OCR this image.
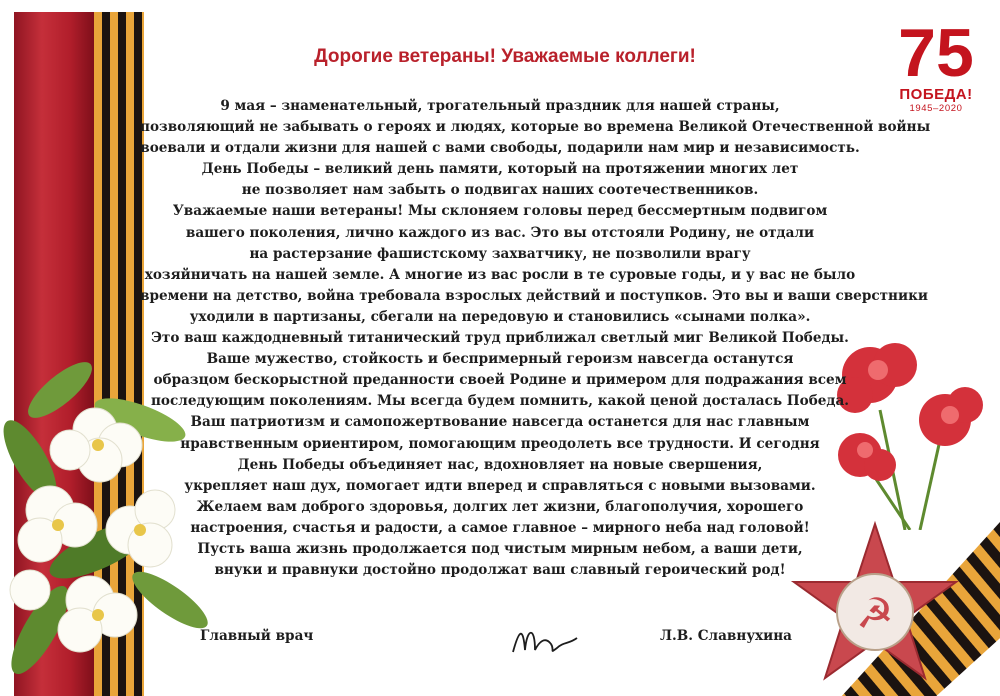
☭
75
ПОБЕДА!
1945–2020
Дорогие ветераны! Уважаемые коллеги!
9 мая – знаменательный, трогательный праздник для нашей страны,
позволяющий не забывать о героях и людях, которые во времена Великой Отечественной войны
воевали и отдали жизни для нашей с вами свободы, подарили нам мир и независимость.
День Победы – великий день памяти, который на протяжении многих лет
не позволяет нам забыть о подвигах наших соотечественников.
Уважаемые наши ветераны! Мы склоняем головы перед бессмертным подвигом
вашего поколения, лично каждого из вас. Это вы отстояли Родину, не отдали
на растерзание фашистскому захватчику, не позволили врагу
хозяйничать на нашей земле. А многие из вас росли в те суровые годы, и у вас не было
времени на детство, война требовала взрослых действий и поступков. Это вы и ваши сверстники
уходили в партизаны, сбегали на передовую и становились «сынами полка».
Это ваш каждодневный титанический труд приближал светлый миг Великой Победы.
Ваше мужество, стойкость и беспримерный героизм навсегда останутся
образцом бескорыстной преданности своей Родине и примером для подражания всем
последующим поколениям. Мы всегда будем помнить, какой ценой досталась Победа.
Ваш патриотизм и самопожертвование навсегда останется для нас главным
нравственным ориентиром, помогающим преодолеть все трудности. И сегодня
День Победы объединяет нас, вдохновляет на новые свершения,
укрепляет наш дух, помогает идти вперед и справляться с новыми вызовами.
Желаем вам доброго здоровья, долгих лет жизни, благополучия, хорошего
настроения, счастья и радости, а самое главное – мирного неба над головой!
Пусть ваша жизнь продолжается под чистым мирным небом, а ваши дети,
внуки и правнуки достойно продолжат ваш славный героический род!
Главный врач	Л.В. Славнухина
